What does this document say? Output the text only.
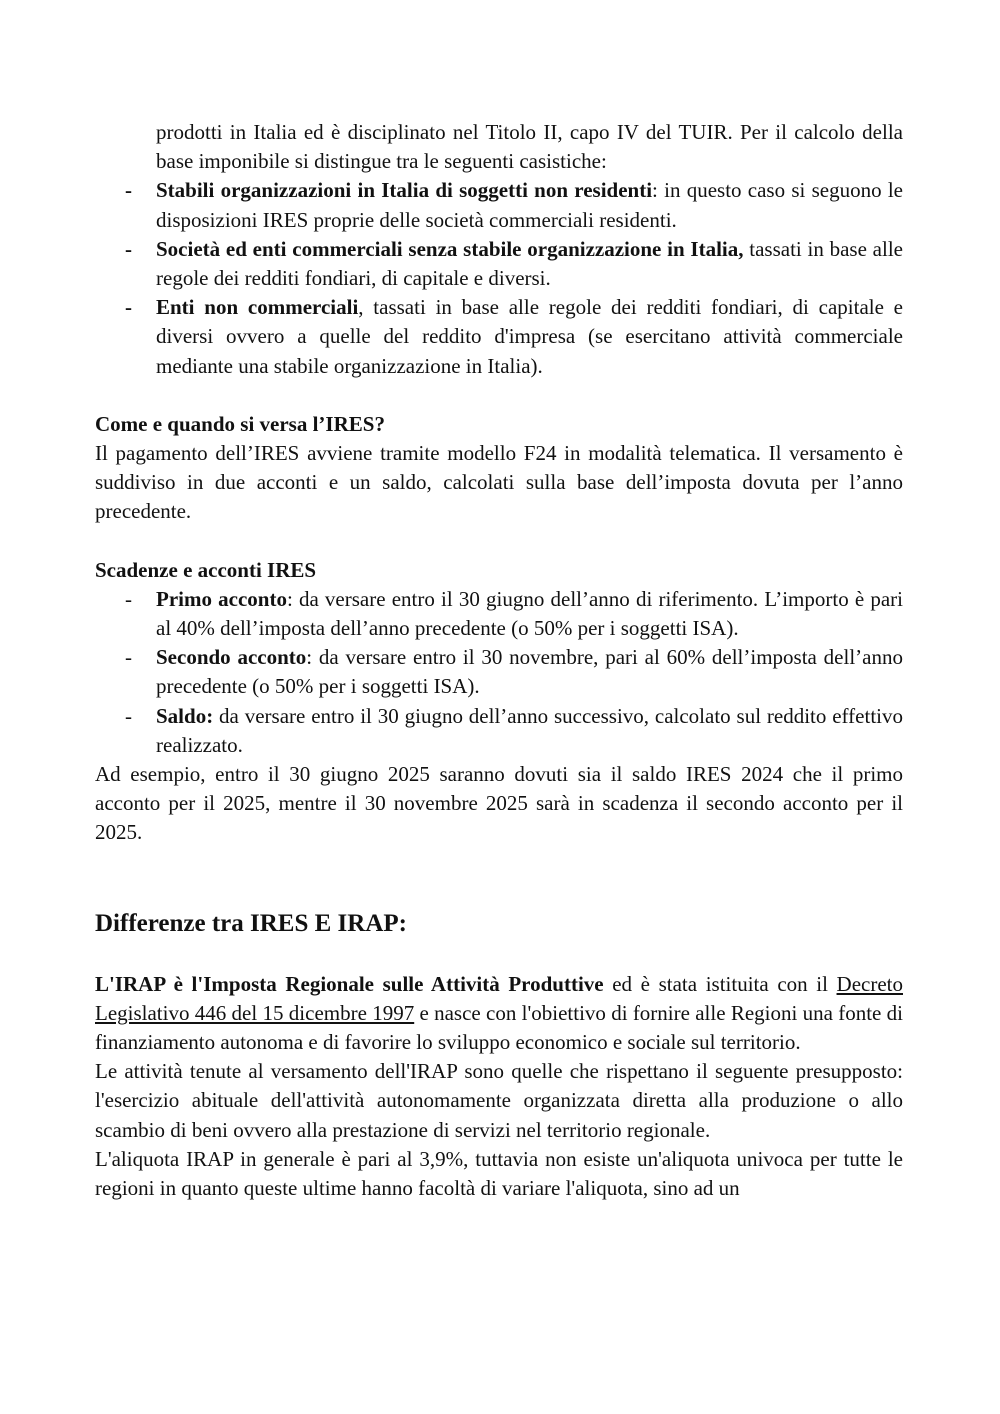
prodotti in Italia ed è disciplinato nel Titolo II, capo IV del TUIR. Per il calcolo della base imponibile si distingue tra le seguenti casistiche:

- Stabili organizzazioni in Italia di soggetti non residenti: in questo caso si seguono le disposizioni IRES proprie delle società commerciali residenti.
- Società ed enti commerciali senza stabile organizzazione in Italia, tassati in base alle regole dei redditi fondiari, di capitale e diversi.
- Enti non commerciali, tassati in base alle regole dei redditi fondiari, di capitale e diversi ovvero a quelle del reddito d'impresa (se esercitano attività commerciale mediante una stabile organizzazione in Italia).
Come e quando si versa l’IRES?

Il pagamento dell’IRES avviene tramite modello F24 in modalità telematica. Il versamento è suddiviso in due acconti e un saldo, calcolati sulla base dell’imposta dovuta per l’anno precedente.

Scadenze e acconti IRES
- Primo acconto: da versare entro il 30 giugno dell’anno di riferimento. L’importo è pari al 40% dell’imposta dell’anno precedente (o 50% per i soggetti ISA).
- Secondo acconto: da versare entro il 30 novembre, pari al 60% dell’imposta dell’anno precedente (o 50% per i soggetti ISA).
- Saldo: da versare entro il 30 giugno dell’anno successivo, calcolato sul reddito effettivo realizzato.

Ad esempio, entro il 30 giugno 2025 saranno dovuti sia il saldo IRES 2024 che il primo acconto per il 2025, mentre il 30 novembre 2025 sarà in scadenza il secondo acconto per il 2025.

Differenze tra IRES E IRAP:

L'IRAP è l'Imposta Regionale sulle Attività Produttive ed è stata istituita con il Decreto Legislativo 446 del 15 dicembre 1997 e nasce con l'obiettivo di fornire alle Regioni una fonte di finanziamento autonoma e di favorire lo sviluppo economico e sociale sul territorio.

Le attività tenute al versamento dell'IRAP sono quelle che rispettano il seguente presupposto: l'esercizio abituale dell'attività autonomamente organizzata diretta alla produzione o allo scambio di beni ovvero alla prestazione di servizi nel territorio regionale.

L'aliquota IRAP in generale è pari al 3,9%, tuttavia non esiste un'aliquota univoca per tutte le regioni in quanto queste ultime hanno facoltà di variare l'aliquota, sino ad un
